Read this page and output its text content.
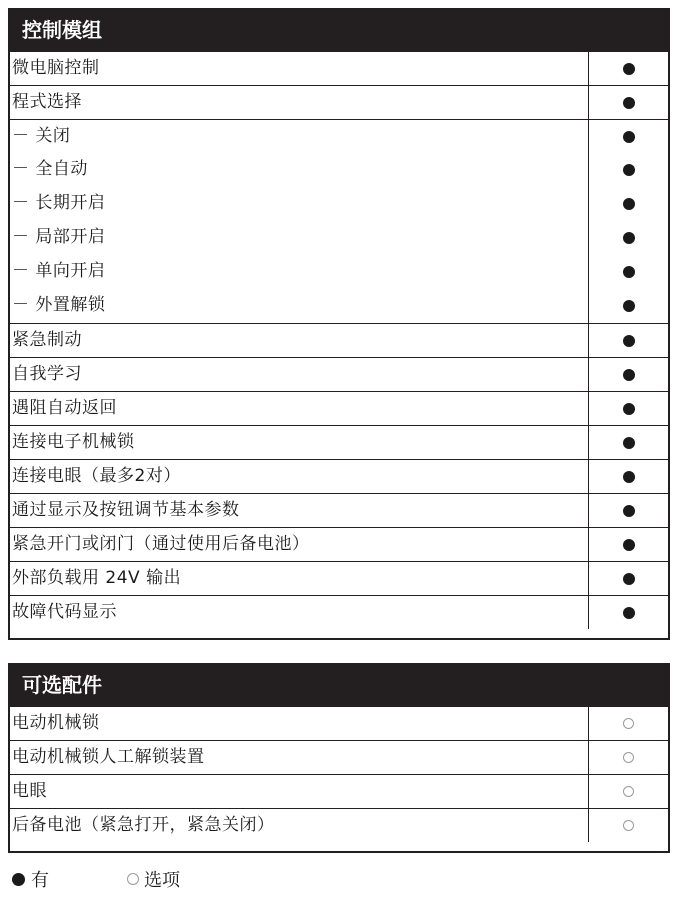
控制模组
微电脑控制
程式选择
－ 关闭
－ 全自动
－ 长期开启
－ 局部开启
－ 单向开启
－ 外置解锁
紧急制动
自我学习
遇阻自动返回
连接电子机械锁
连接电眼（最多2对）
通过显示及按钮调节基本参数
紧急开门或闭门（通过使用后备电池）
外部负载用 24V 输出
故障代码显示
可选配件
电动机械锁
电动机械锁人工解锁装置
电眼
后备电池（紧急打开，紧急关闭）
有	选项
